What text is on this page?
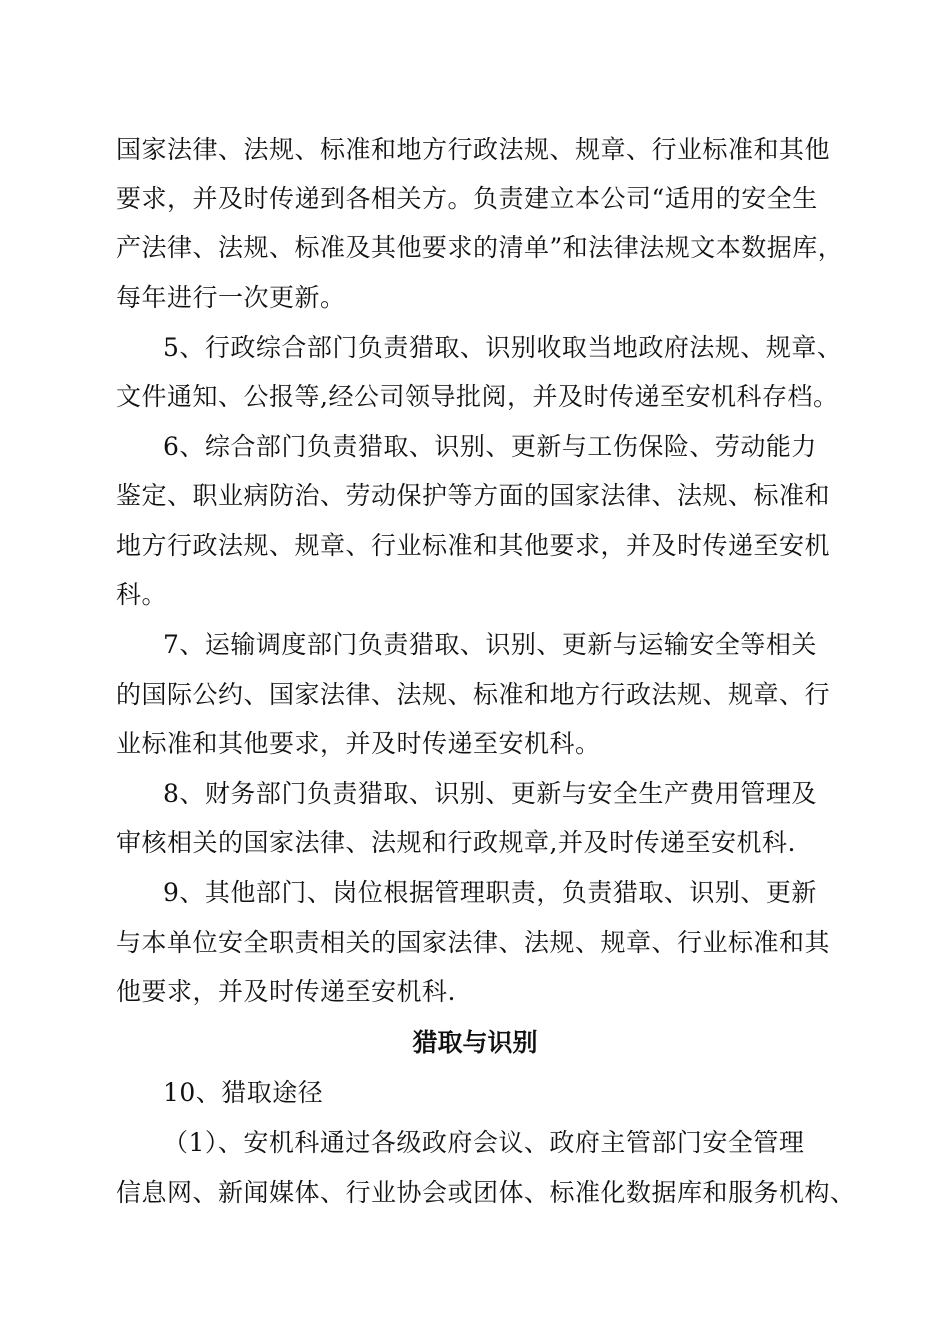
国家法律、法规、标准和地方行政法规、规章、行业标准和其他
要求，并及时传递到各相关方。负责建立本公司“适用的安全生
产法律、法规、标准及其他要求的清单”和法律法规文本数据库，
每年进行一次更新。
5、行政综合部门负责猎取、识别收取当地政府法规、规章、
文件通知、公报等,经公司领导批阅，并及时传递至安机科存档。
6、综合部门负责猎取、识别、更新与工伤保险、劳动能力
鉴定、职业病防治、劳动保护等方面的国家法律、法规、标准和
地方行政法规、规章、行业标准和其他要求，并及时传递至安机
科。
7、运输调度部门负责猎取、识别、更新与运输安全等相关
的国际公约、国家法律、法规、标准和地方行政法规、规章、行
业标准和其他要求，并及时传递至安机科。
8、财务部门负责猎取、识别、更新与安全生产费用管理及
审核相关的国家法律、法规和行政规章,并及时传递至安机科.
9、其他部门、岗位根据管理职责，负责猎取、识别、更新
与本单位安全职责相关的国家法律、法规、规章、行业标准和其
他要求，并及时传递至安机科.
猎取与识别
10、猎取途径
（1）、安机科通过各级政府会议、政府主管部门安全管理
信息网、新闻媒体、行业协会或团体、标准化数据库和服务机构、
